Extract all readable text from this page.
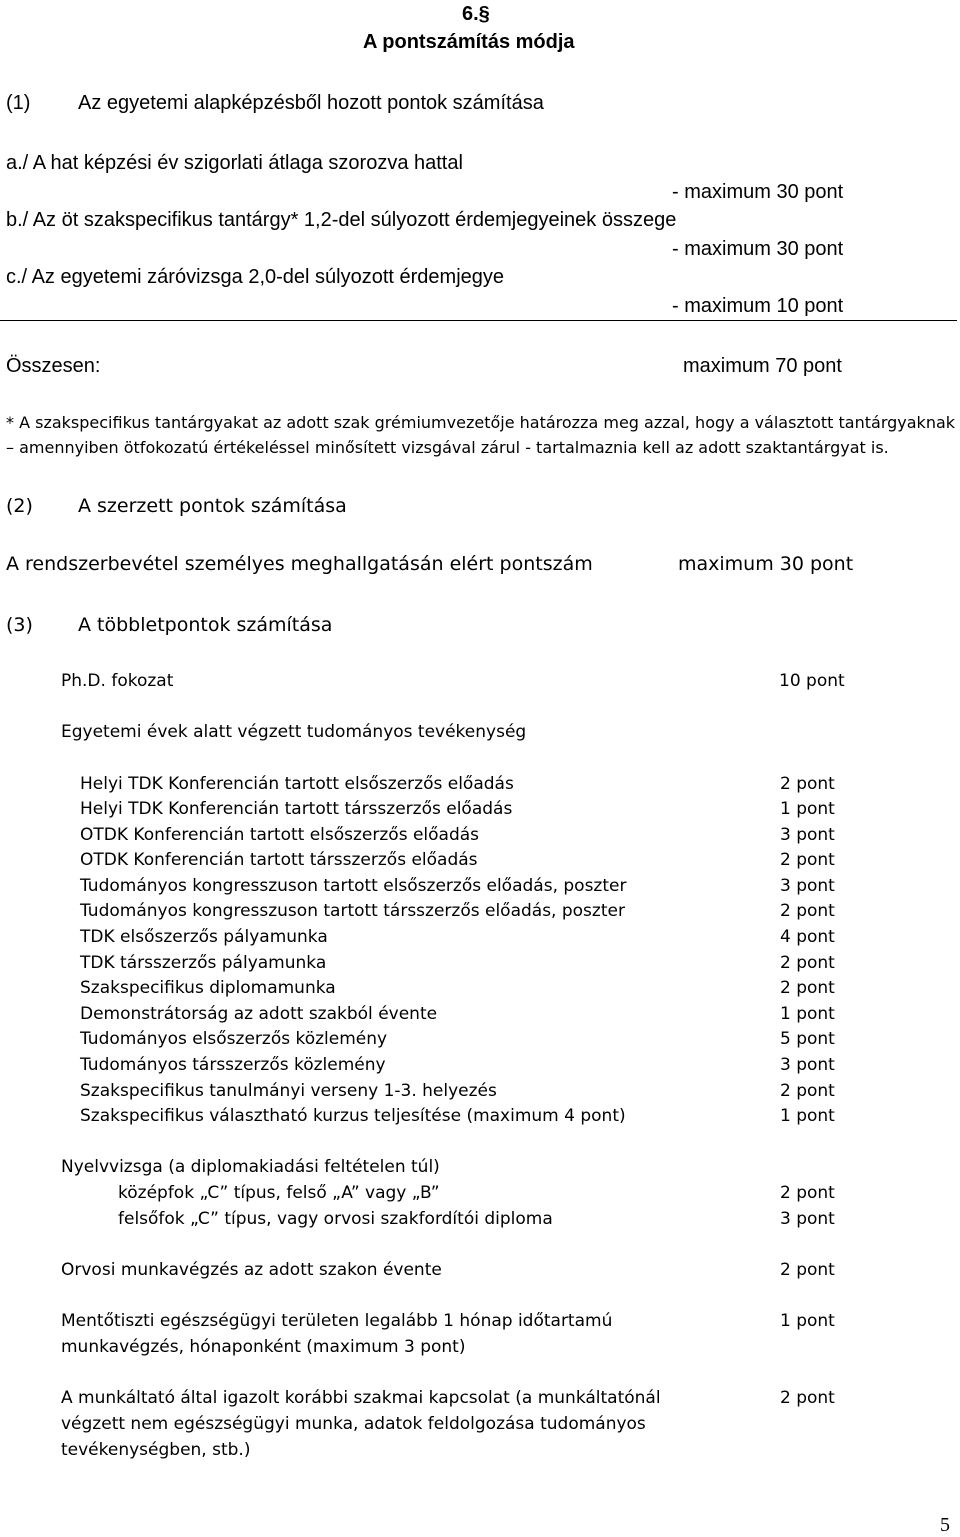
6.§
A pontszámítás módja
(1) Az egyetemi alapképzésből hozott pontok számítása
a./ A hat képzési év szigorlati átlaga szorozva hattal
- maximum 30 pont
b./ Az öt szakspecifikus tantárgy* 1,2-del súlyozott érdemjegyeinek összege
- maximum 30 pont
c./ Az egyetemi záróvizsga 2,0-del súlyozott érdemjegye
- maximum 10 pont
Összesen:	maximum 70 pont
* A szakspecifikus tantárgyakat az adott szak grémiumvezetője határozza meg azzal, hogy a választott tantárgyaknak
– amennyiben ötfokozatú értékeléssel minősített vizsgával zárul - tartalmaznia kell az adott szaktantárgyat is.
(2) A szerzett pontok számítása
A rendszerbevétel személyes meghallgatásán elért pontszám	maximum 30 pont
(3) A többletpontok számítása
Ph.D. fokozat	10 pont
Egyetemi évek alatt végzett tudományos tevékenység
Helyi TDK Konferencián tartott elsőszerzős előadás	2 pont
Helyi TDK Konferencián tartott társszerzős előadás	1 pont
OTDK Konferencián tartott elsőszerzős előadás	3 pont
OTDK Konferencián tartott társszerzős előadás	2 pont
Tudományos kongresszuson tartott elsőszerzős előadás, poszter	3 pont
Tudományos kongresszuson tartott társszerzős előadás, poszter	2 pont
TDK elsőszerzős pályamunka	4 pont
TDK társszerzős pályamunka	2 pont
Szakspecifikus diplomamunka	2 pont
Demonstrátorság az adott szakból évente	1 pont
Tudományos elsőszerzős közlemény	5 pont
Tudományos társszerzős közlemény	3 pont
Szakspecifikus tanulmányi verseny 1-3. helyezés	2 pont
Szakspecifikus választható kurzus teljesítése (maximum 4 pont)	1 pont
Nyelvvizsga (a diplomakiadási feltételen túl)
középfok „C” típus, felső „A” vagy „B”	2 pont
felsőfok „C” típus, vagy orvosi szakfordítói diploma	3 pont
Orvosi munkavégzés az adott szakon évente	2 pont
Mentőtiszti egészségügyi területen legalább 1 hónap időtartamú
munkavégzés, hónaponként (maximum 3 pont)
1 pont
A munkáltató által igazolt korábbi szakmai kapcsolat (a munkáltatónál
végzett nem egészségügyi munka, adatok feldolgozása tudományos
tevékenységben, stb.)
2 pont
5
